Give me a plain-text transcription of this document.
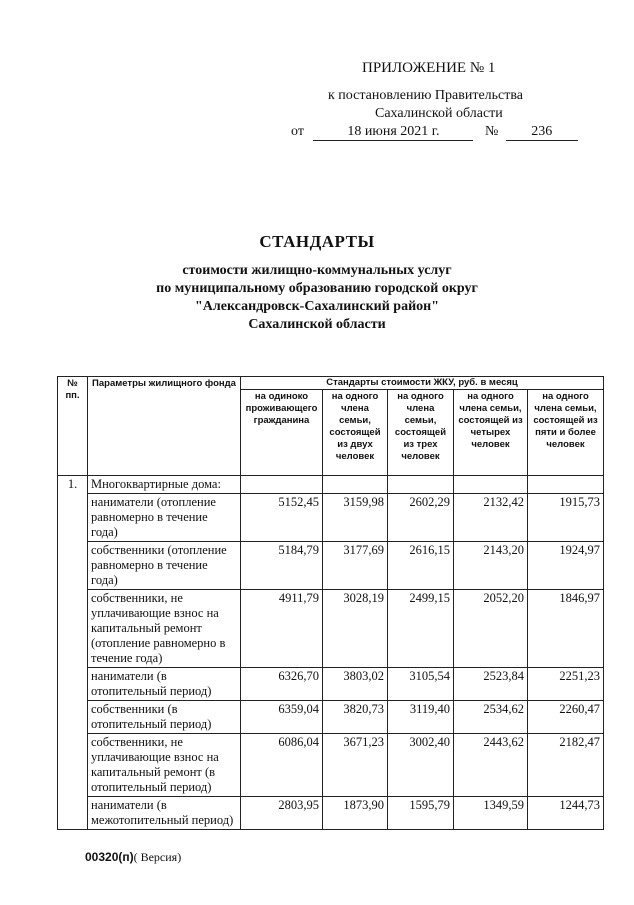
ПРИЛОЖЕНИЕ № 1
к постановлению Правительства
Сахалинской области
от	18 июня 2021 г.	№ 236
СТАНДАРТЫ
стоимости жилищно-коммунальных услуг
по муниципальному образованию городской округ
"Александровск-Сахалинский район"
Сахалинской области
№ пп.	Параметры жилищного фонда	Стандарты стоимости ЖКУ, руб. в месяц				
		на одиноко проживающего гражданина	на одного члена семьи, состоящей из двух человек	на одного члена семьи, состоящей из трех человек	на одного члена семьи, состоящей из четырех человек	на одного члена семьи, состоящей из пяти и более человек
1.	Многоквартирные дома:					
	наниматели (отопление равномерно в течение года)	5152,45	3159,98	2602,29	2132,42	1915,73
	собственники (отопление равномерно в течение года)	5184,79	3177,69	2616,15	2143,20	1924,97
	собственники, не уплачивающие взнос на капитальный ремонт (отопление равномерно в течение года)	4911,79	3028,19	2499,15	2052,20	1846,97
	наниматели (в отопительный период)	6326,70	3803,02	3105,54	2523,84	2251,23
	собственники (в отопительный период)	6359,04	3820,73	3119,40	2534,62	2260,47
	собственники, не уплачивающие взнос на капитальный ремонт (в отопительный период)	6086,04	3671,23	3002,40	2443,62	2182,47
	наниматели (в межотопительный период)	2803,95	1873,90	1595,79	1349,59	1244,73
00320(п)( Версия)
